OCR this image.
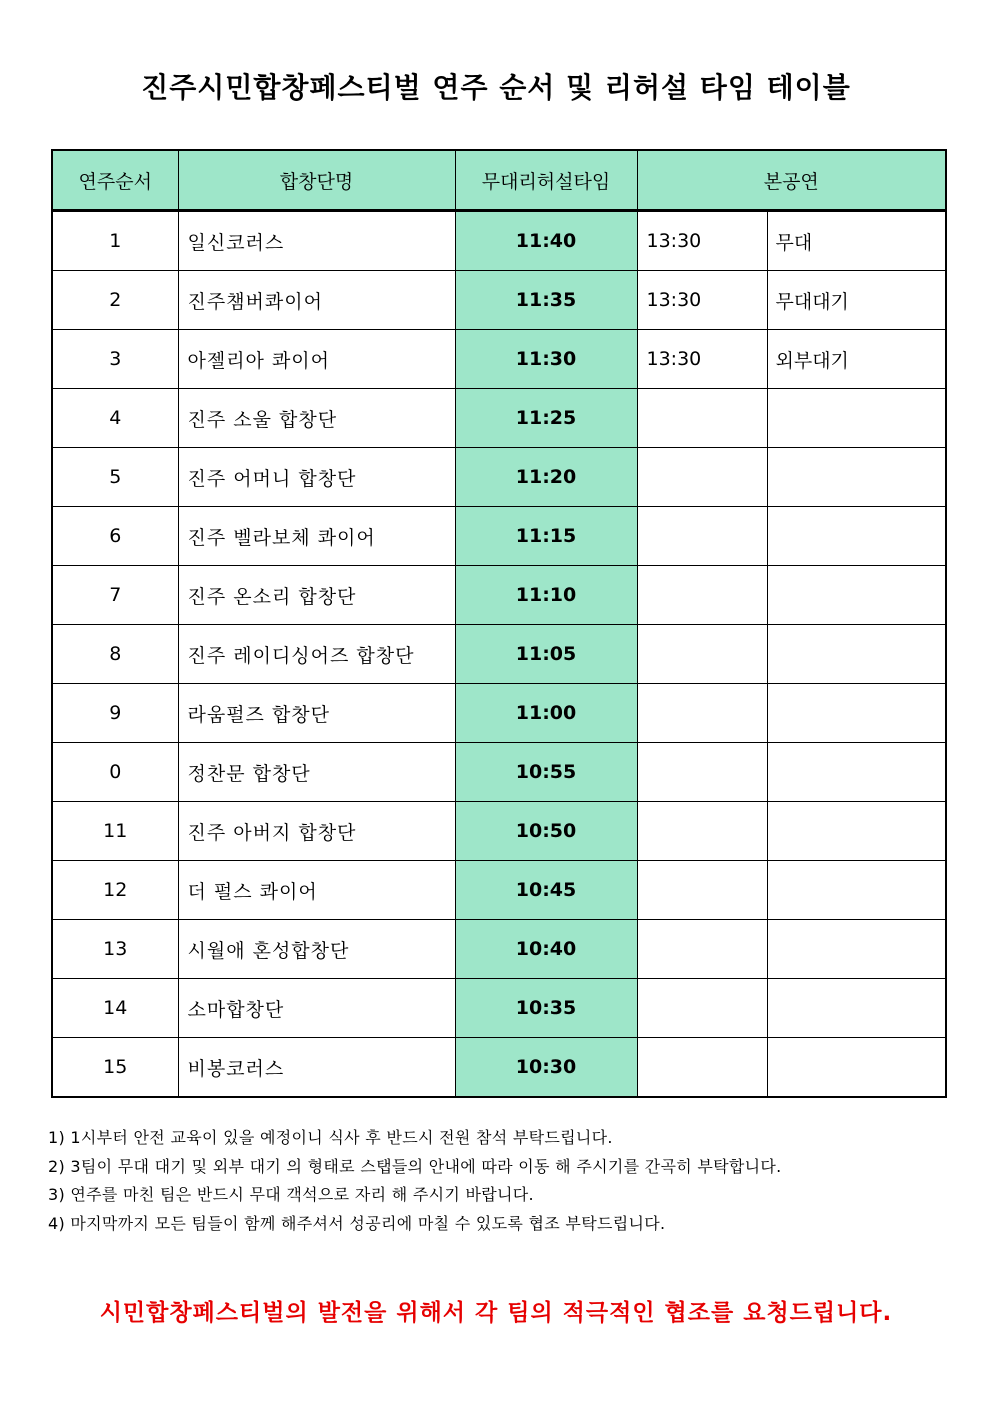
진주시민합창페스티벌 연주 순서 및 리허설 타임 테이블
연주순서	합창단명	무대리허설타임	본공연	
1	일신코러스	11:40	13:30	무대
2	진주챔버콰이어	11:35	13:30	무대대기
3	아젤리아 콰이어	11:30	13:30	외부대기
4	진주 소울 합창단	11:25		
5	진주 어머니 합창단	11:20		
6	진주 벨라보체 콰이어	11:15		
7	진주 온소리 합창단	11:10		
8	진주 레이디싱어즈 합창단	11:05		
9	라움펄즈 합창단	11:00		
0	정찬문 합창단	10:55		
11	진주 아버지 합창단	10:50		
12	더 펄스 콰이어	10:45		
13	시월애 혼성합창단	10:40		
14	소마합창단	10:35		
15	비봉코러스	10:30		
1) 1시부터 안전 교육이 있을 예정이니 식사 후 반드시 전원 참석 부탁드립니다.
2) 3팀이 무대 대기 및 외부 대기 의 형태로 스탭들의 안내에 따라 이동 해 주시기를 간곡히 부탁합니다.
3) 연주를 마친 팀은 반드시 무대 객석으로 자리 해 주시기 바랍니다.
4) 마지막까지 모든 팀들이 함께 해주셔서 성공리에 마칠 수 있도록 협조 부탁드립니다.
시민합창페스티벌의 발전을 위해서 각 팀의 적극적인 협조를 요청드립니다.
